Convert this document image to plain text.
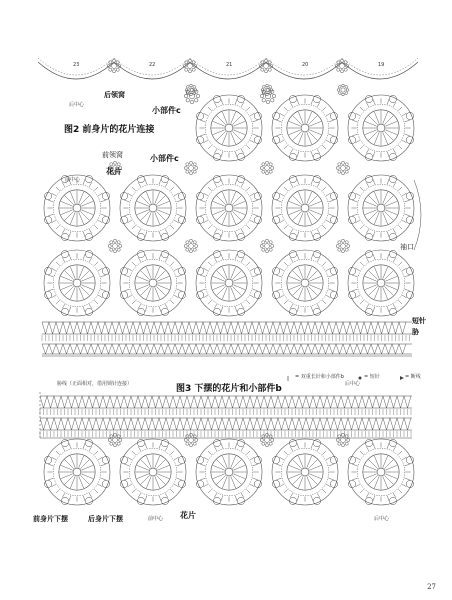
23	22	21	20	19
后领窝
后中心
小部件c
图2 前身片的花片连接
前领窝	小部件c
花片
前中心
袖口
短针
胁
= 双重长针和小部件b	= 短针	= 断线
胁线（正面相对，借用锁针连接）	图3 下摆的花片和小部件b	后中心
前中心 花片	后中心
前身片下摆	后身片下摆
27
